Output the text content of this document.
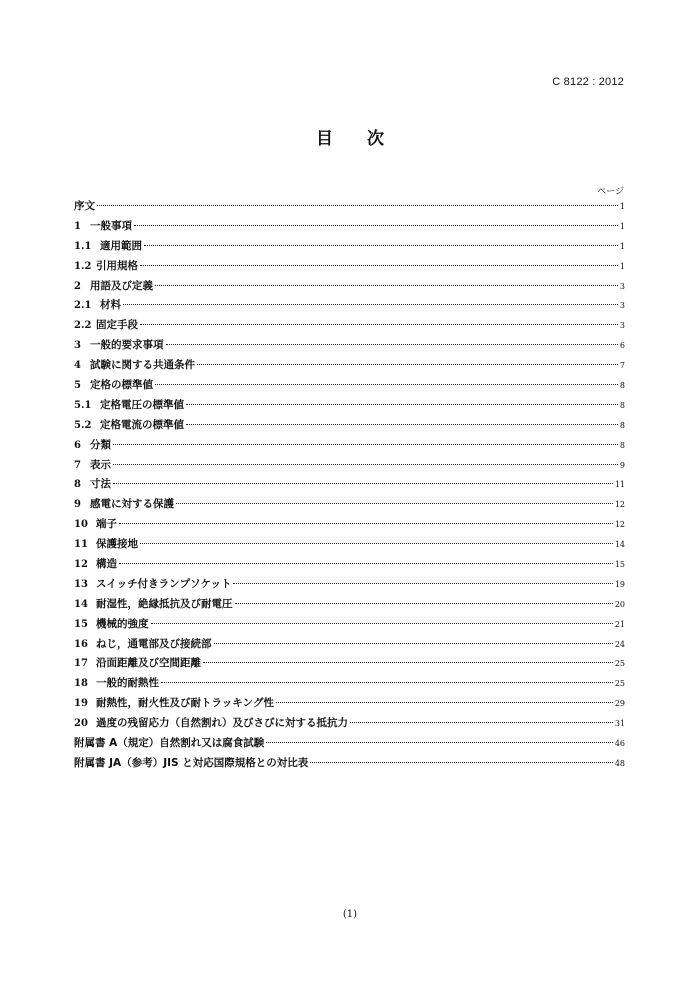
C 8122 : 2012
目 次
ページ
序文	1
1 一般事項	1
1.1 適用範囲	1
1.2 引用規格	1
2 用語及び定義	3
2.1 材料	3
2.2 固定手段	3
3 一般的要求事項	6
4 試験に関する共通条件	7
5 定格の標準値	8
5.1 定格電圧の標準値	8
5.2 定格電流の標準値	8
6 分類	8
7 表示	9
8 寸法	11
9 感電に対する保護	12
10 端子	12
11 保護接地	14
12 構造	15
13 スイッチ付きランプソケット	19
14 耐湿性，絶縁抵抗及び耐電圧	20
15 機械的強度	21
16 ねじ，通電部及び接続部	24
17 沿面距離及び空間距離	25
18 一般的耐熱性	25
19 耐熱性，耐火性及び耐トラッキング性	29
20 過度の残留応力（自然割れ）及びさびに対する抵抗力	31
附属書 A（規定）自然割れ又は腐食試験	46
附属書 JA（参考）JIS と対応国際規格との対比表	48
(1)
